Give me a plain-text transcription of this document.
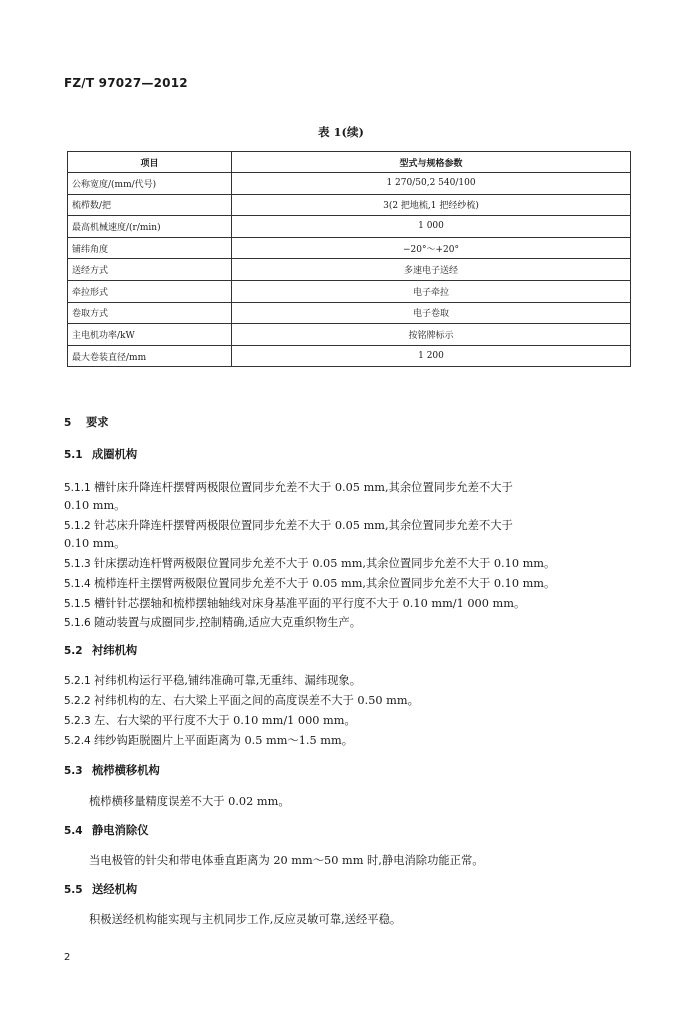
FZ/T 97027—2012
表 1(续)
项目	型式与规格参数
公称宽度/(mm/代号)	1 270/50,2 540/100
梳栉数/把	3(2 把地梳,1 把经纱梳)
最高机械速度/(r/min)	1 000
铺纬角度	−20°～+20°
送经方式	多速电子送经
牵拉形式	电子牵拉
卷取方式	电子卷取
主电机功率/kW	按铭牌标示
最大卷装直径/mm	1 200
5 要求
5.1 成圈机构
5.1.1 槽针床升降连杆摆臂两极限位置同步允差不大于 0.05 mm,其余位置同步允差不大于
0.10 mm。
5.1.2 针芯床升降连杆摆臂两极限位置同步允差不大于 0.05 mm,其余位置同步允差不大于
0.10 mm。
5.1.3 针床摆动连杆臂两极限位置同步允差不大于 0.05 mm,其余位置同步允差不大于 0.10 mm。
5.1.4 梳栉连杆主摆臂两极限位置同步允差不大于 0.05 mm,其余位置同步允差不大于 0.10 mm。
5.1.5 槽针针芯摆轴和梳栉摆轴轴线对床身基准平面的平行度不大于 0.10 mm/1 000 mm。
5.1.6 随动装置与成圈同步,控制精确,适应大克重织物生产。
5.2 衬纬机构
5.2.1 衬纬机构运行平稳,铺纬准确可靠,无重纬、漏纬现象。
5.2.2 衬纬机构的左、右大梁上平面之间的高度误差不大于 0.50 mm。
5.2.3 左、右大梁的平行度不大于 0.10 mm/1 000 mm。
5.2.4 纬纱钩距脱圈片上平面距离为 0.5 mm～1.5 mm。
5.3 梳栉横移机构
梳栉横移量精度误差不大于 0.02 mm。
5.4 静电消除仪
当电极管的针尖和带电体垂直距离为 20 mm～50 mm 时,静电消除功能正常。
5.5 送经机构
积极送经机构能实现与主机同步工作,反应灵敏可靠,送经平稳。
2
